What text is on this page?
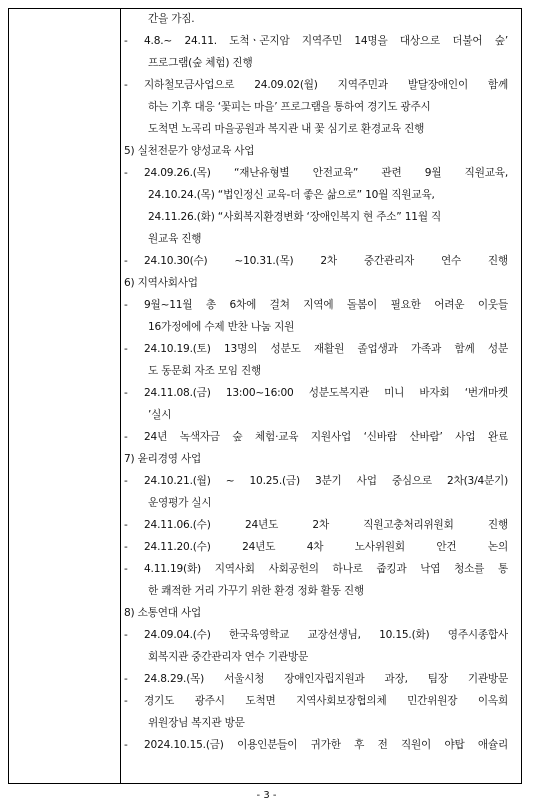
간을 가짐.
-	4.8.~ 24.11. 도척ㆍ곤지암 지역주민 14명을 대상으로 더불어 숲’
프로그램(숲 체험) 진행
-	지하철모금사업으로 24.09.02(월) 지역주민과 발달장애인이 함께
하는 기후 대응 ‘꽃피는 마을’ 프로그램을 통하여 경기도 광주시
도척면 노곡리 마을공원과 복지관 내 꽃 심기로 환경교육 진행
5) 실천전문가 양성교육 사업
-	24.09.26.(목) “재난유형별 안전교육” 관련 9월 직원교육,
24.10.24.(목) “법인정신 교육-더 좋은 삶으로” 10월 직원교육,
24.11.26.(화) “사회복지환경변화 ‘장애인복지 현 주소” 11월 직
원교육 진행
-	24.10.30(수) ~10.31.(목) 2차 중간관리자 연수 진행
6) 지역사회사업
-	9월~11월 총 6차에 걸쳐 지역에 돌봄이 필요한 어려운 이웃들
16가정에에 수제 반찬 나눔 지원
-	24.10.19.(토) 13명의 성분도 재활원 졸업생과 가족과 함께 성분
도 동문회 자조 모임 진행
-	24.11.08.(금) 13:00~16:00 성분도복지관 미니 바자회 ‘번개마켓
’실시
-	24년 녹색자금 숲 체험·교육 지원사업 ‘신바람 산바람’ 사업 완료
7) 윤리경영 사업
-	24.10.21.(월) ~ 10.25.(금) 3분기 사업 중심으로 2차(3/4분기)
운영평가 실시
-	24.11.06.(수) 24년도 2차 직원고충처리위원회 진행
-	24.11.20.(수) 24년도 4차 노사위원회 안건 논의
-	4.11.19(화) 지역사회 사회공헌의 하나로 줍킹과 낙엽 청소를 통
한 쾌적한 거리 가꾸기 위한 환경 정화 활동 진행
8) 소통연대 사업
-	24.09.04.(수) 한국육영학교 교장선생님, 10.15.(화) 영주시종합사
회복지관 중간관리자 연수 기관방문
-	24.8.29.(목) 서울시청 장애인자립지원과 과장, 팀장 기관방문
-	경기도 광주시 도척면 지역사회보장협의체 민간위원장 이옥희
위원장님 복지관 방문
-	2024.10.15.(금) 이용인분들이 귀가한 후 전 직원이 야탑 애슐리
- 3 -
